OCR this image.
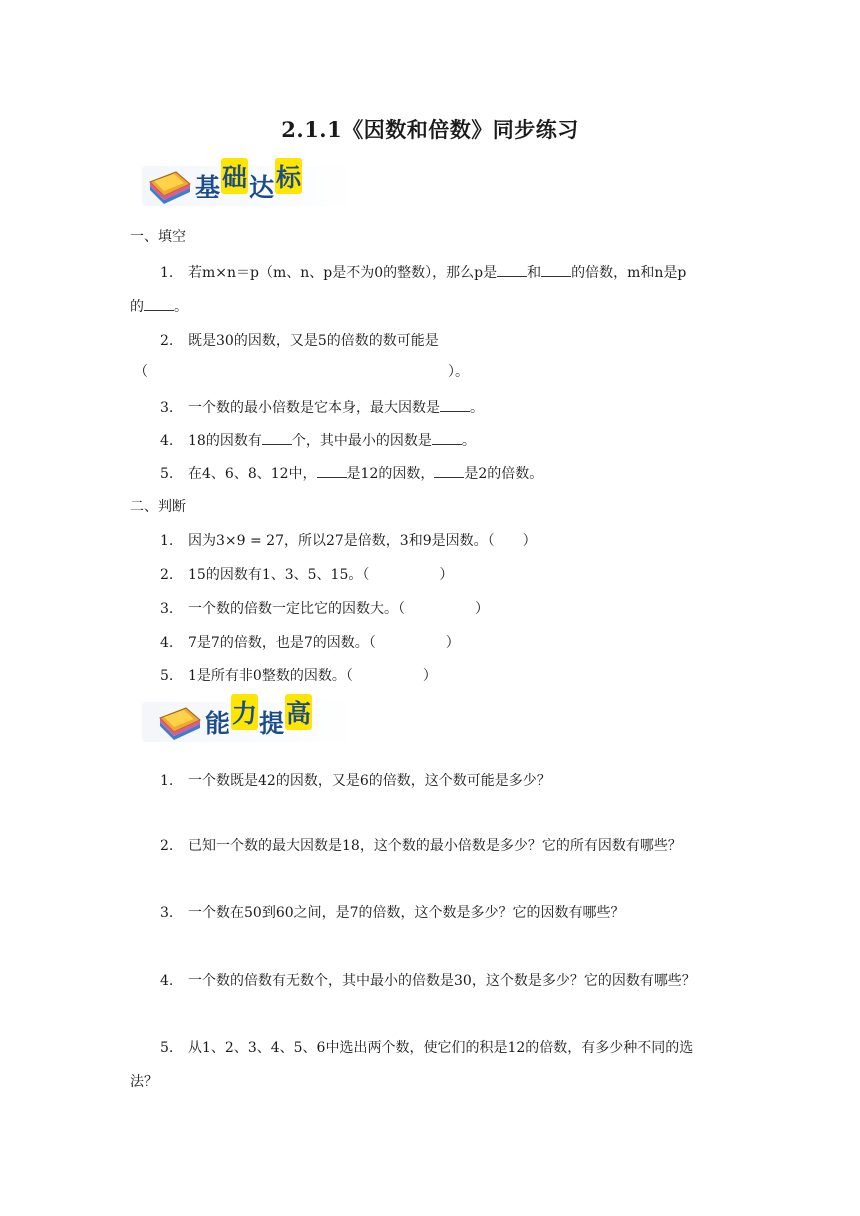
2.1.1《因数和倍数》同步练习
基础达标
一、填空
1. 若m×n＝p（m、n、p是不为0的整数），那么p是 和 的倍数，m和n是p
的 。
2. 既是30的因数，又是5的倍数的数可能是
（	）。
3. 一个数的最小倍数是它本身，最大因数是 。
4. 18的因数有 个，其中最小的因数是 。
5. 在4、6、8、12中， 是12的因数， 是2的倍数。
二、判断
1. 因为3×9 = 27，所以27是倍数，3和9是因数。（　　）
2. 15的因数有1、3、5、15。（　　　　　）
3. 一个数的倍数一定比它的因数大。（　　　　　）
4. 7是7的倍数，也是7的因数。（　　　　　）
5. 1是所有非0整数的因数。（　　　　　）
能力提高
1. 一个数既是42的因数，又是6的倍数，这个数可能是多少？
2. 已知一个数的最大因数是18，这个数的最小倍数是多少？它的所有因数有哪些？
3. 一个数在50到60之间，是7的倍数，这个数是多少？它的因数有哪些？
4. 一个数的倍数有无数个，其中最小的倍数是30，这个数是多少？它的因数有哪些？
5. 从1、2、3、4、5、6中选出两个数，使它们的积是12的倍数，有多少种不同的选
法？
